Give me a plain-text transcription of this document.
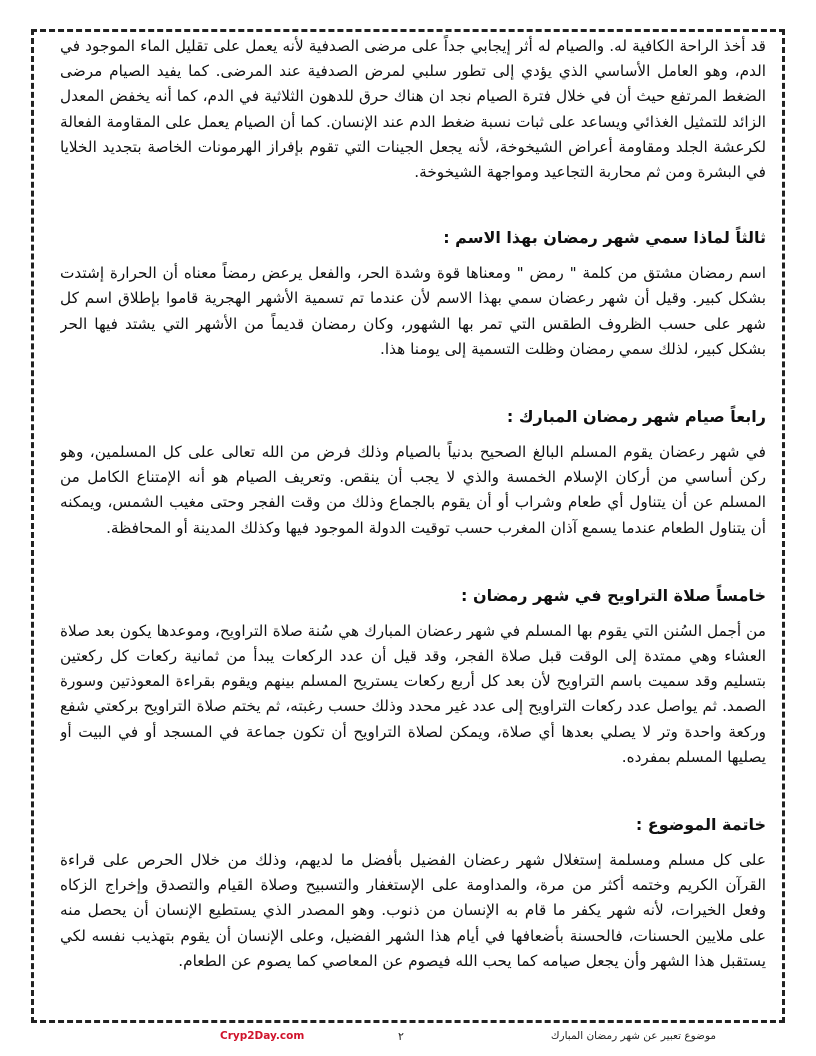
قد أخذ الراحة الكافية له. والصيام له أثر إيجابي جداً على مرضى الصدفية لأنه يعمل على تقليل الماء الموجود في الدم، وهو العامل الأساسي الذي يؤدي إلى تطور سلبي لمرض الصدفية عند المرضى. كما يفيد الصيام مرضى الضغط المرتفع حيث أن في خلال فترة الصيام نجد ان هناك حرق للدهون الثلاثية في الدم، كما أنه يخفض المعدل الزائد للتمثيل الغذائي ويساعد على ثبات نسبة ضغط الدم عند الإنسان. كما أن الصيام يعمل على المقاومة الفعالة لكرعشة الجلد ومقاومة أعراض الشيخوخة، لأنه يجعل الجينات التي تقوم بإفراز الهرمونات الخاصة بتجديد الخلايا في البشرة ومن ثم محاربة التجاعيد ومواجهة الشيخوخة.

ثالثاً لماذا سمي شهر رمضان بهذا الاسم :

اسم رمضان مشتق من كلمة " رمض " ومعناها قوة وشدة الحر، والفعل يرعض رمضاً معناه أن الحرارة إشتدت بشكل كبير. وقيل أن شهر رعضان سمي بهذا الاسم لأن عندما تم تسمية الأشهر الهجرية قاموا بإطلاق اسم كل شهر على حسب الظروف الطقس التي تمر بها الشهور، وكان رمضان قديماً من الأشهر التي يشتد فيها الحر بشكل كبير، لذلك سمي رمضان وظلت التسمية إلى يومنا هذا.

رابعاً صيام شهر رمضان المبارك :

في شهر رعضان يقوم المسلم البالغ الصحيح بدنياً بالصيام وذلك فرض من الله تعالى على كل المسلمين، وهو ركن أساسي من أركان الإسلام الخمسة والذي لا يجب أن ينقص. وتعريف الصيام هو أنه الإمتناع الكامل من المسلم عن أن يتناول أي طعام وشراب أو أن يقوم بالجماع وذلك من وقت الفجر وحتى مغيب الشمس، ويمكنه أن يتناول الطعام عندما يسمع آذان المغرب حسب توقيت الدولة الموجود فيها وكذلك المدينة أو المحافظة.

خامساً صلاة التراويح في شهر رمضان :

من أجمل السُنن التي يقوم بها المسلم في شهر رعضان المبارك هي سُنة صلاة التراويح، وموعدها يكون بعد صلاة العشاء وهي ممتدة إلى الوقت قبل صلاة الفجر، وقد قيل أن عدد الركعات يبدأ من ثمانية ركعات كل ركعتين بتسليم وقد سميت باسم التراويح لأن بعد كل أربع ركعات يستريح المسلم بينهم ويقوم بقراءة المعوذتين وسورة الصمد. ثم يواصل عدد ركعات التراويح إلى عدد غير محدد وذلك حسب رغبته، ثم يختم صلاة التراويح بركعتي شفع وركعة واحدة وتر لا يصلي بعدها أي صلاة، ويمكن لصلاة التراويح أن تكون جماعة في المسجد أو في البيت أو يصليها المسلم بمفرده.

خاتمة الموضوع :

على كل مسلم ومسلمة إستغلال شهر رعضان الفضيل بأفضل ما لديهم، وذلك من خلال الحرص على قراءة القرآن الكريم وختمه أكثر من مرة، والمداومة على الإستغفار والتسبيح وصلاة القيام والتصدق وإخراج الزكاه وفعل الخيرات، لأنه شهر يكفر ما قام به الإنسان من ذنوب. وهو المصدر الذي يستطيع الإنسان أن يحصل منه على ملايين الحسنات، فالحسنة بأضعافها في أيام هذا الشهر الفضيل، وعلى الإنسان أن يقوم بتهذيب نفسه لكي يستقبل هذا الشهر وأن يجعل صيامه كما يحب الله فيصوم عن المعاصي كما يصوم عن الطعام.

موضوع تعبير عن شهر رمضان المبارك
٢
Cryp2Day.com
